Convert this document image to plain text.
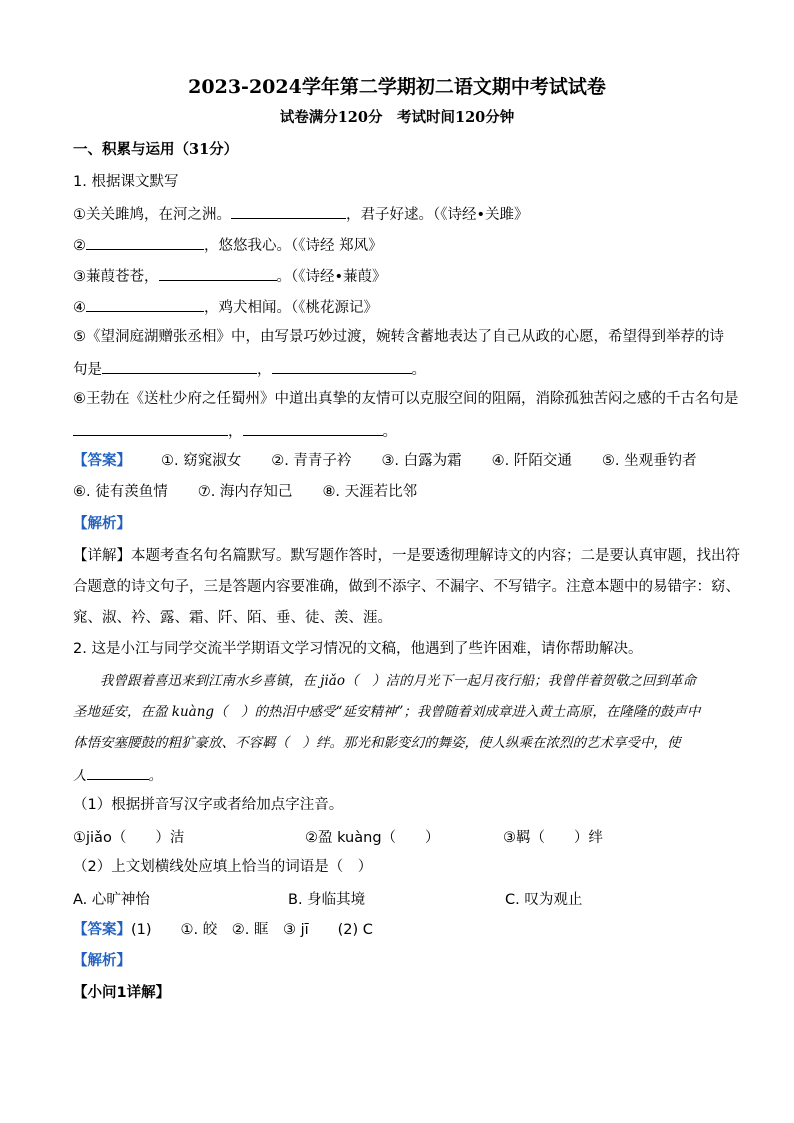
2023-2024学年第二学期初二语文期中考试试卷
试卷满分120分　考试时间120分钟
一、积累与运用（31分）
1. 根据课文默写
①关关雎鸠，在河之洲。	，君子好逑。（《诗经•关雎》
②	，悠悠我心。（《诗经 郑风》
③蒹葭苍苍，	。（《诗经•蒹葭》
④	，鸡犬相闻。（《桃花源记》
⑤《望洞庭湖赠张丞相》中，由写景巧妙过渡，婉转含蓄地表达了自己从政的心愿，希望得到举荐的诗
句是	，	。
⑥王勃在《送杜少府之任蜀州》中道出真挚的友情可以克服空间的阻隔，消除孤独苦闷之感的千古名句是
，	。
【答案】 ①. 窈窕淑女 ②. 青青子衿 ③. 白露为霜 ④. 阡陌交通 ⑤. 坐观垂钓者
⑥. 徒有羡鱼情 ⑦. 海内存知己 ⑧. 天涯若比邻
【解析】
【详解】本题考查名句名篇默写。默写题作答时，一是要透彻理解诗文的内容；二是要认真审题，找出符
合题意的诗文句子，三是答题内容要准确，做到不添字、不漏字、不写错字。注意本题中的易错字：窈、
窕、淑、衿、露、霜、阡、陌、垂、徒、羡、涯。
2. 这是小江与同学交流半学期语文学习情况的文稿，他遇到了些许困难，请你帮助解决。
我曾跟着喜迅来到江南水乡喜镇，在 jiǎo（　）洁的月光下一起月夜行船；我曾伴着贺敬之回到革命
圣地延安，在盈 kuàng（　）的热泪中感受“延安精神”；我曾随着刘成章进入黄土高原，在隆隆的鼓声中
体悟安塞腰鼓的粗犷豪放、不容羁（　）绊。那光和影变幻的舞姿，使人纵乘在浓烈的艺术享受中，使
人	。
（1）根据拼音写汉字或者给加点字注音。
①jiǎo（　　）洁	②盈 kuàng（　　）	③羁（　　）绊
（2）上文划横线处应填上恰当的词语是（　）
A. 心旷神怡	B. 身临其境	C. 叹为观止
【答案】(1)　　①. 皎　②. 眶　③ jī　　(2) C
【解析】
【小问1详解】
